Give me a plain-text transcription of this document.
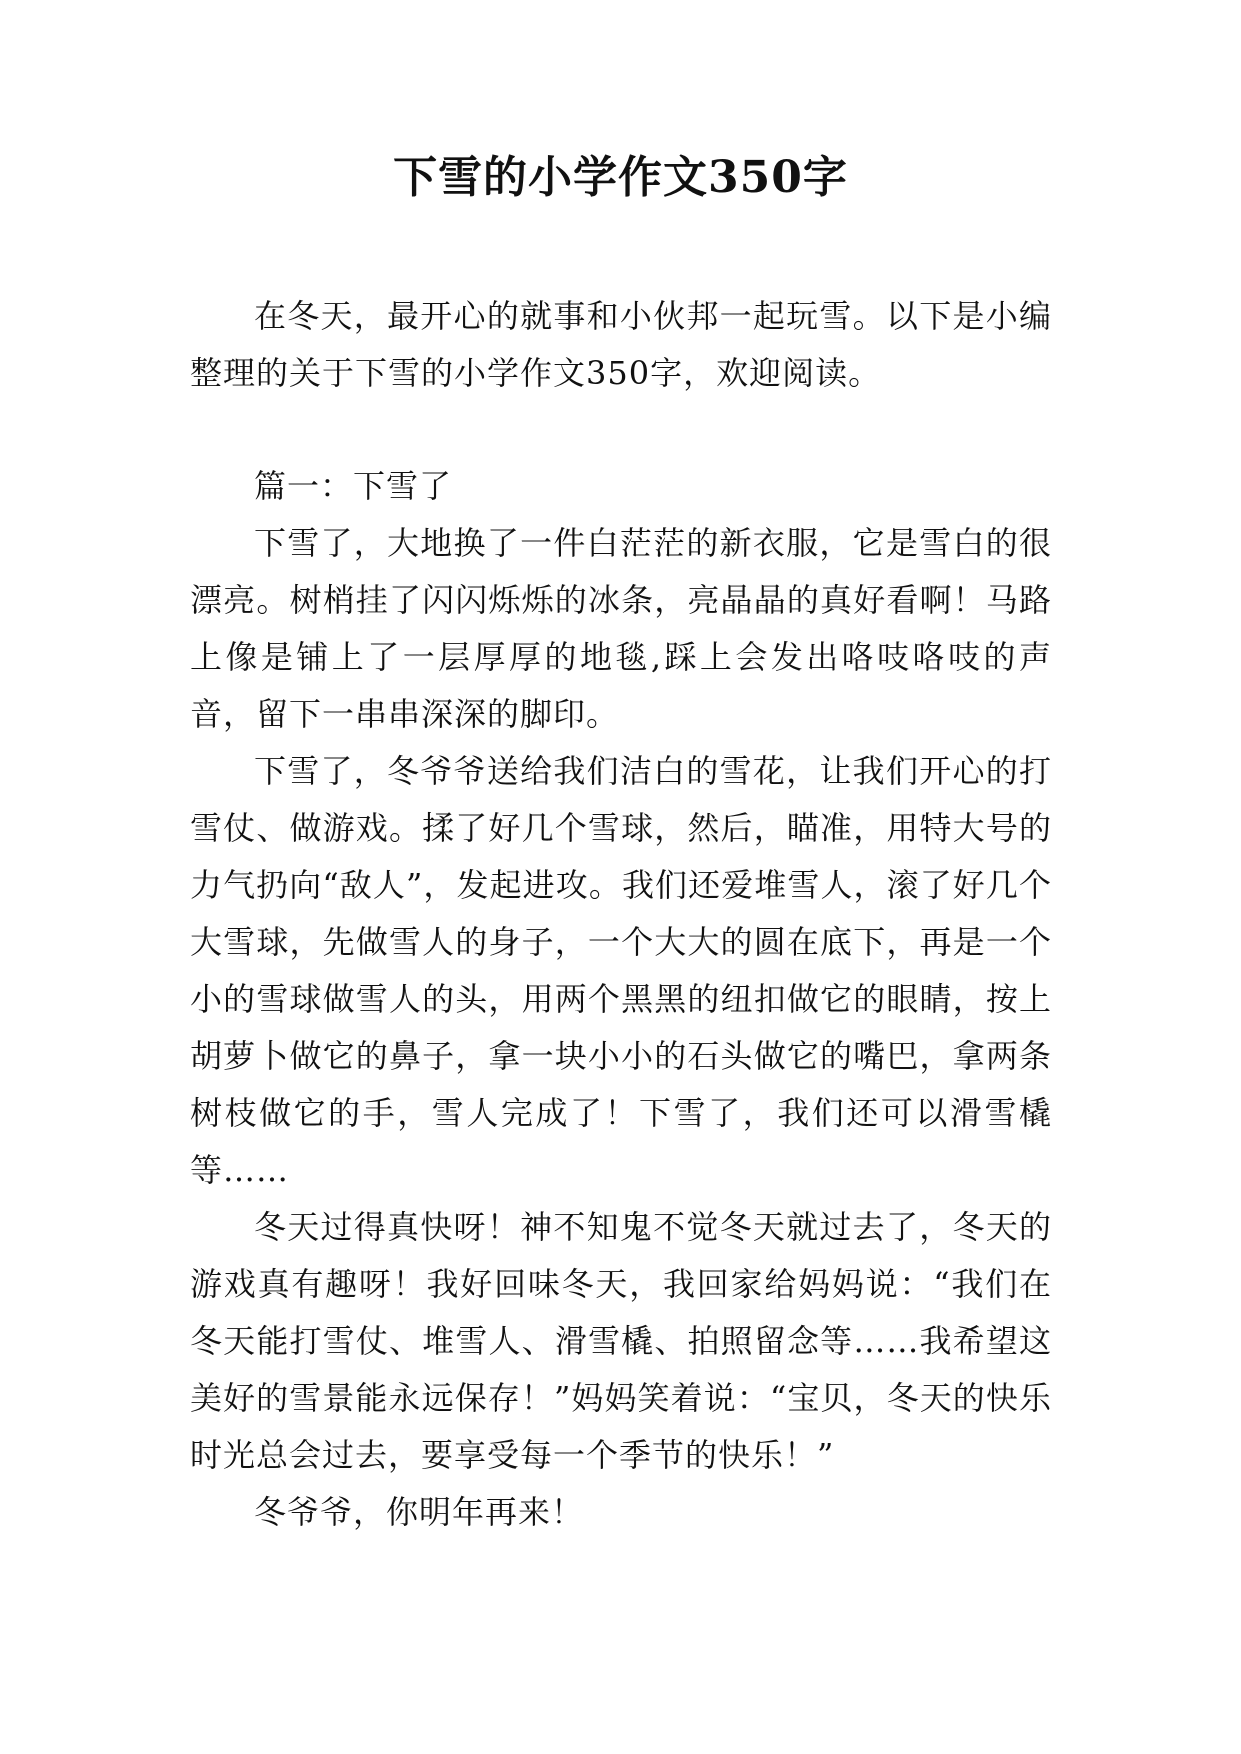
下雪的小学作文350字

在冬天，最开心的就事和小伙邦一起玩雪。以下是小编整理的关于下雪的小学作文350字，欢迎阅读。

篇一：下雪了

下雪了，大地换了一件白茫茫的新衣服，它是雪白的很漂亮。树梢挂了闪闪烁烁的冰条，亮晶晶的真好看啊！马路上像是铺上了一层厚厚的地毯,踩上会发出咯吱咯吱的声音，留下一串串深深的脚印。

下雪了，冬爷爷送给我们洁白的雪花，让我们开心的打雪仗、做游戏。揉了好几个雪球，然后，瞄准，用特大号的力气扔向“敌人”，发起进攻。我们还爱堆雪人，滚了好几个大雪球，先做雪人的身子，一个大大的圆在底下，再是一个小的雪球做雪人的头，用两个黑黑的纽扣做它的眼睛，按上胡萝卜做它的鼻子，拿一块小小的石头做它的嘴巴，拿两条树枝做它的手，雪人完成了！下雪了，我们还可以滑雪橇等……

冬天过得真快呀！神不知鬼不觉冬天就过去了，冬天的游戏真有趣呀！我好回味冬天，我回家给妈妈说：“我们在冬天能打雪仗、堆雪人、滑雪橇、拍照留念等……我希望这美好的雪景能永远保存！”妈妈笑着说：“宝贝，冬天的快乐时光总会过去，要享受每一个季节的快乐！”

冬爷爷，你明年再来！
